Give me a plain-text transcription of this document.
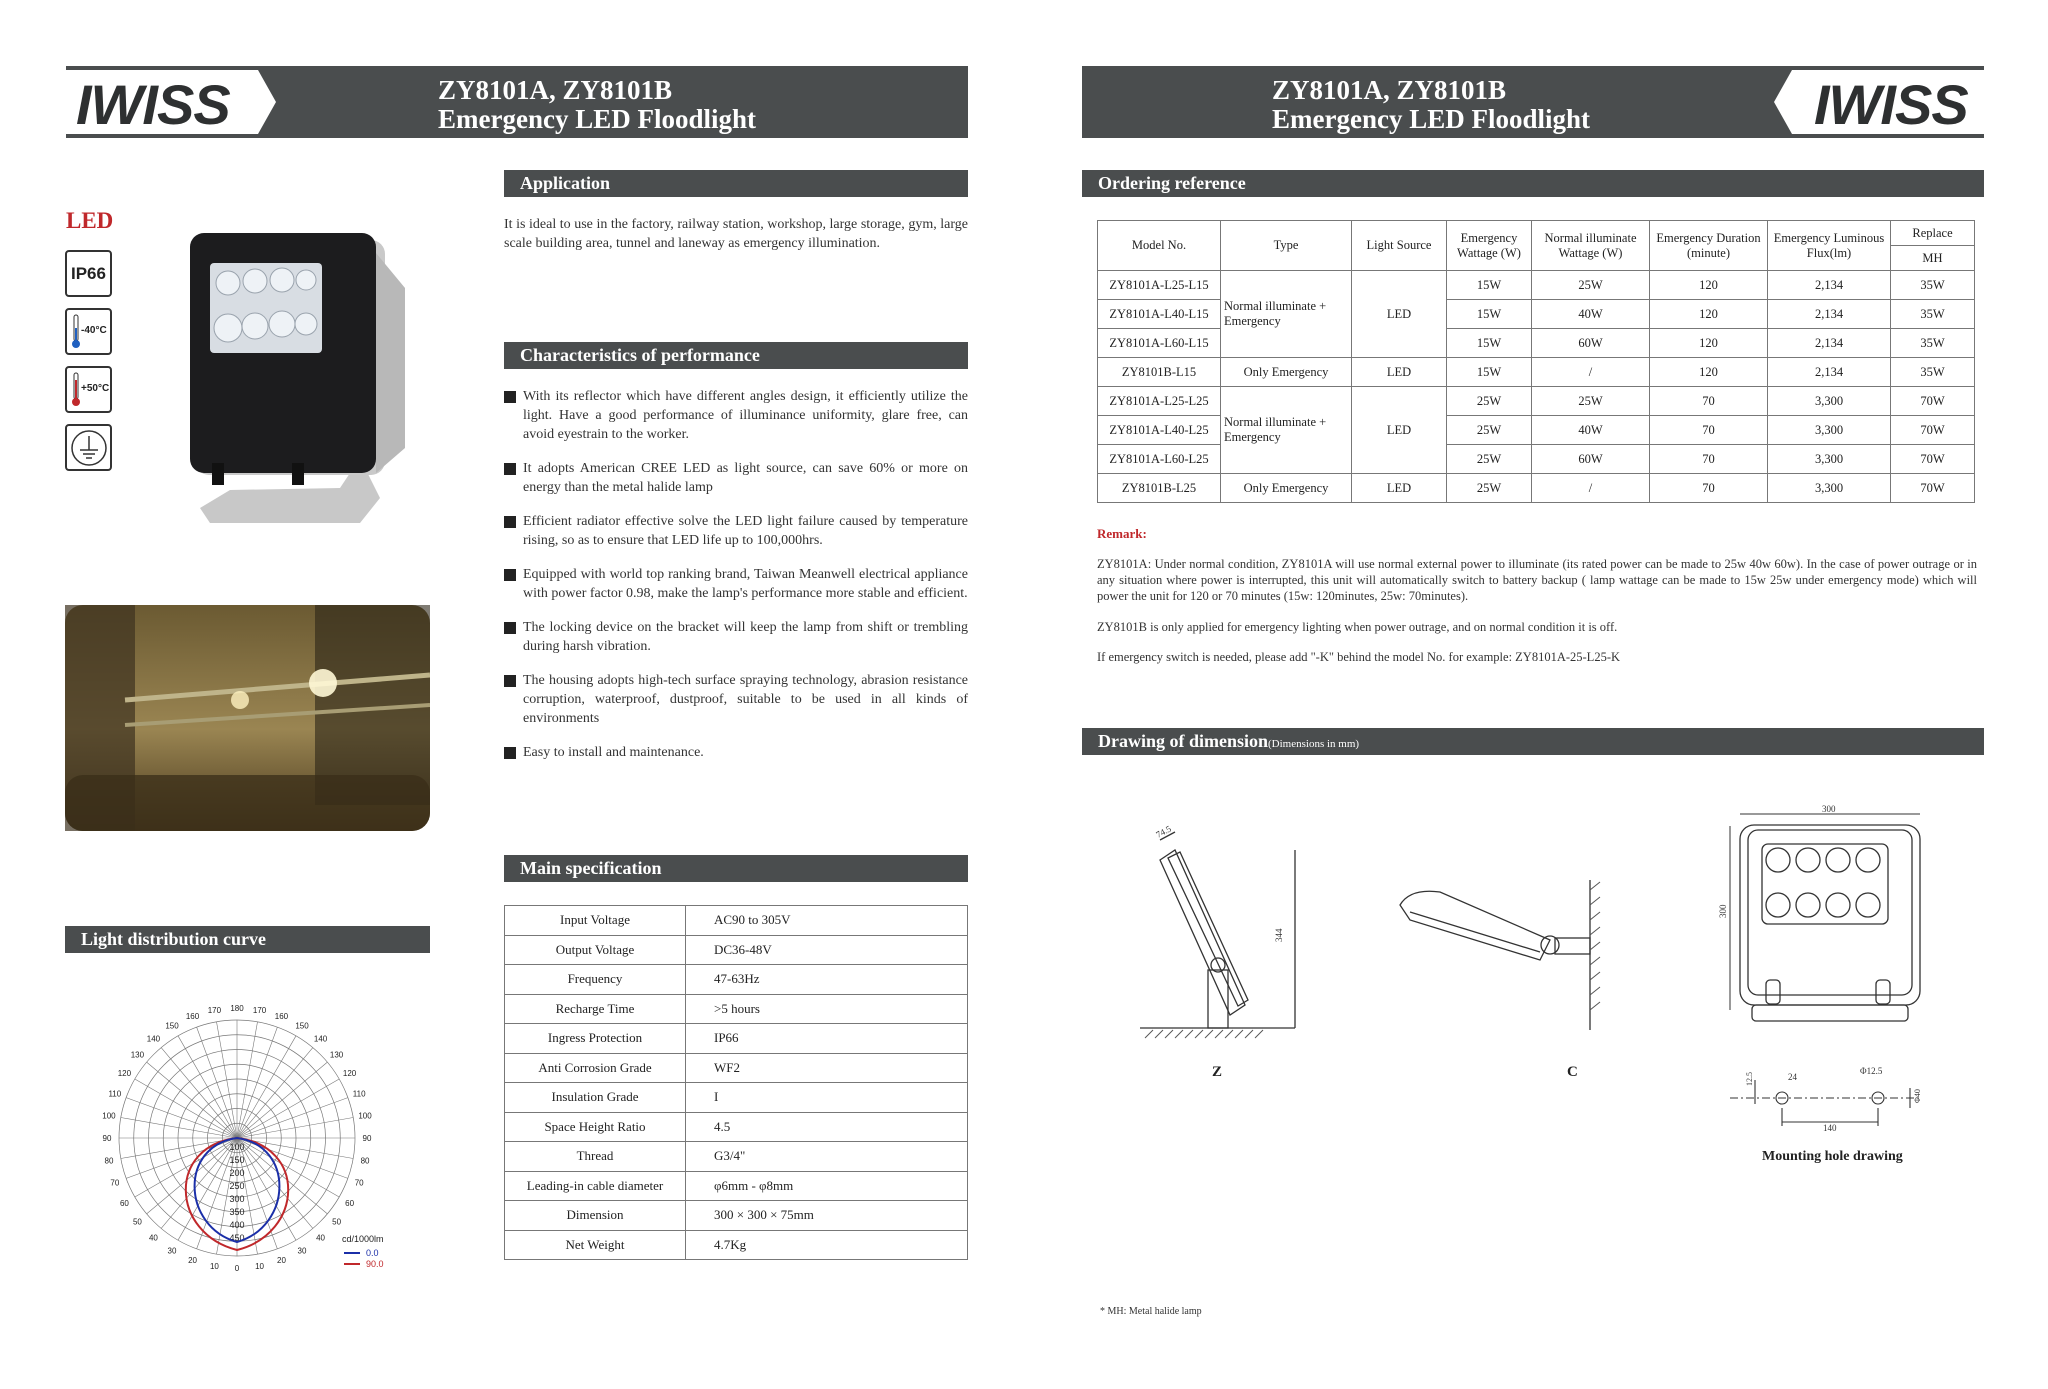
ZY8101A, ZY8101B
Emergency LED Floodlight
IWISS	ZY8101A, ZY8101B
Emergency LED Floodlight	IWISS
LED
IP66
-40°C
+50°C
Application
It is ideal to use in the factory, railway station, workshop, large storage, gym, large scale building area, tunnel and laneway as emergency illumination.
Characteristics of performance
With its reflector which have different angles design, it efficiently utilize the light. Have a good performance of illuminance uniformity, glare free, can avoid eyestrain to the worker.
It adopts American CREE LED as light source, can save 60% or more on energy than the metal halide lamp
Efficient radiator effective solve the LED light failure caused by temperature rising, so as to ensure that LED life up to 100,000hrs.
Equipped with world top ranking brand, Taiwan Meanwell electrical appliance with power factor 0.98, make the lamp's performance more stable and efficient.
The locking device on the bracket will keep the lamp from shift or trembling during harsh vibration.
The housing adopts high-tech surface spraying technology, abrasion resistance corruption, waterproof, dustproof, suitable to be used in all kinds of environments
Easy to install and maintenance.
Main specification
Input Voltage	AC90 to 305V
Output Voltage	DC36-48V
Frequency	47-63Hz
Recharge Time	>5 hours
Ingress Protection	IP66
Anti Corrosion Grade	WF2
Insulation Grade	I
Space Height Ratio	4.5
Thread	G3/4"
Leading-in cable diameter	φ6mm - φ8mm
Dimension	300 × 300 × 75mm
Net Weight	4.7Kg
Light distribution curve
180
170
160
150
140
130
120
110
100
90
80
70
60
50
40
30
20
10 0
170
160
150
140
130
120
110
100
90
80
70
60
50
40
30
20
10
100
150
200
250
300
350
400
450	cd/1000lm
0.0
90.0
Ordering reference
Model No.	Type	Light Source	Emergency Wattage (W)	Normal illuminate Wattage (W)	Emergency Duration (minute)	Emergency Luminous Flux(lm)	Replace
							MH
ZY8101A-L25-L15	Normal illuminate + Emergency	LED	15W	25W	120	2,134	35W
ZY8101A-L40-L15			15W	40W	120	2,134	35W
ZY8101A-L60-L15			15W	60W	120	2,134	35W
ZY8101B-L15	Only Emergency	LED	15W	/	120	2,134	35W
ZY8101A-L25-L25	Normal illuminate + Emergency	LED	25W	25W	70	3,300	70W
ZY8101A-L40-L25			25W	40W	70	3,300	70W
ZY8101A-L60-L25			25W	60W	70	3,300	70W
ZY8101B-L25	Only Emergency	LED	25W	/	70	3,300	70W
Remark:
ZY8101A: Under normal condition, ZY8101A will use normal external power to illuminate (its rated power can be made to 25w 40w 60w). In the case of power outrage or in any situation where power is interrupted, this unit will automatically switch to battery backup ( lamp wattage can be made to 15w 25w under emergency mode) which will power the unit for 120 or 70 minutes (15w: 120minutes, 25w: 70minutes).
ZY8101B is only applied for emergency lighting when power outrage, and on normal condition it is off.
If emergency switch is needed, please add "-K" behind the model No. for example: ZY8101A-25-L25-K
Drawing of dimension(Dimensions in mm)
74.5
344
Z	C
300
300
140
24
12.5
Φ12.5
Φ40
Mounting hole drawing
* MH: Metal halide lamp
